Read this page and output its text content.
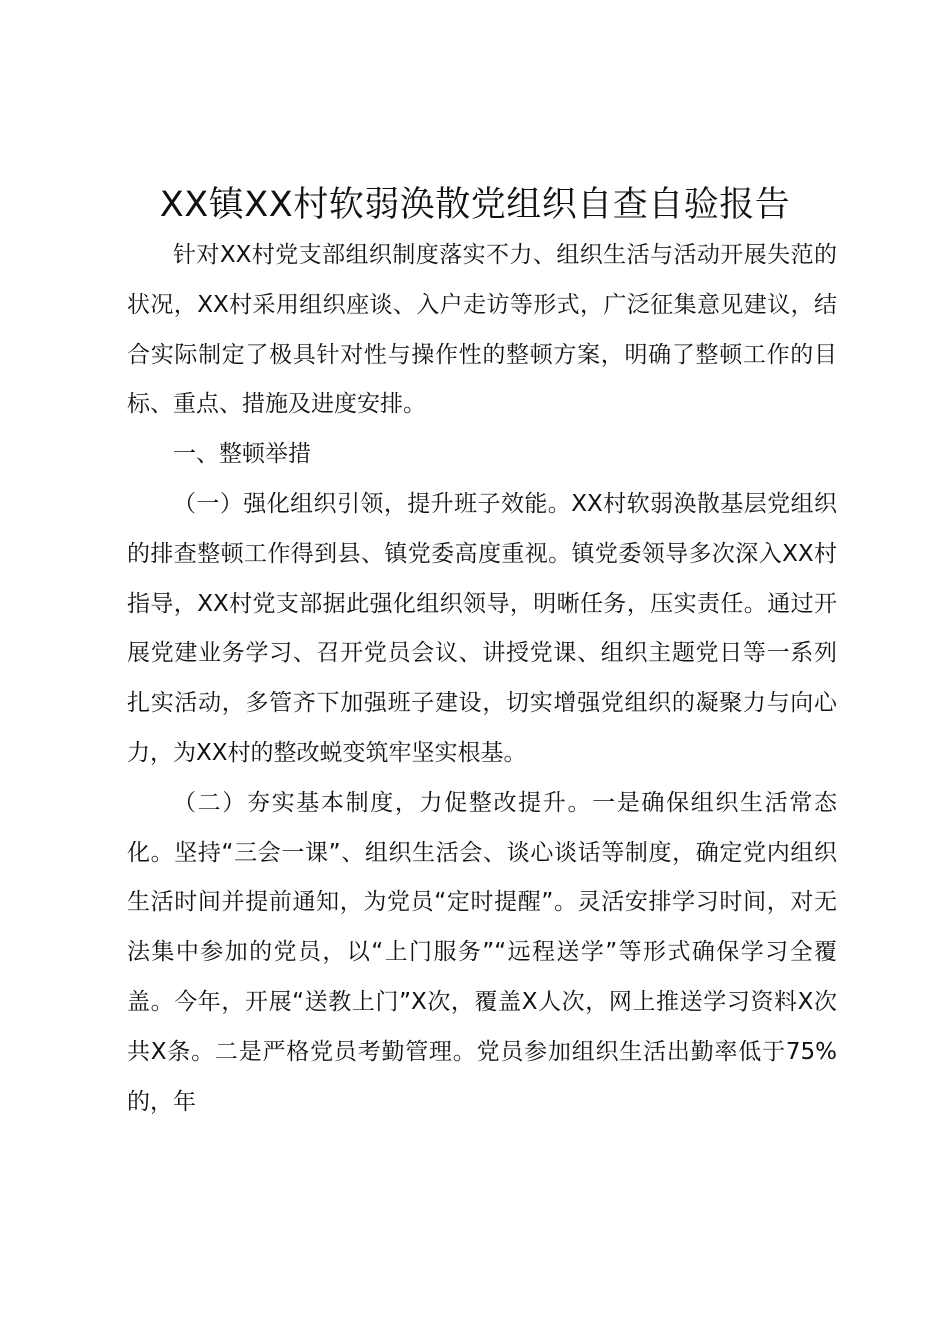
XX镇XX村软弱涣散党组织自查自验报告

针对XX村党支部组织制度落实不力、组织生活与活动开展失范的状况，XX村采用组织座谈、入户走访等形式，广泛征集意见建议，结合实际制定了极具针对性与操作性的整顿方案，明确了整顿工作的目标、重点、措施及进度安排。

一、整顿举措

（一）强化组织引领，提升班子效能。XX村软弱涣散基层党组织的排查整顿工作得到县、镇党委高度重视。镇党委领导多次深入XX村指导，XX村党支部据此强化组织领导，明晰任务，压实责任。通过开展党建业务学习、召开党员会议、讲授党课、组织主题党日等一系列扎实活动，多管齐下加强班子建设，切实增强党组织的凝聚力与向心力，为XX村的整改蜕变筑牢坚实根基。

（二）夯实基本制度，力促整改提升。一是确保组织生活常态化。坚持“三会一课”、组织生活会、谈心谈话等制度，确定党内组织生活时间并提前通知，为党员“定时提醒”。灵活安排学习时间，对无法集中参加的党员，以“上门服务”“远程送学”等形式确保学习全覆盖。今年，开展“送教上门”X次，覆盖X人次，网上推送学习资料X次共X条。二是严格党员考勤管理。党员参加组织生活出勤率低于75%的，年
